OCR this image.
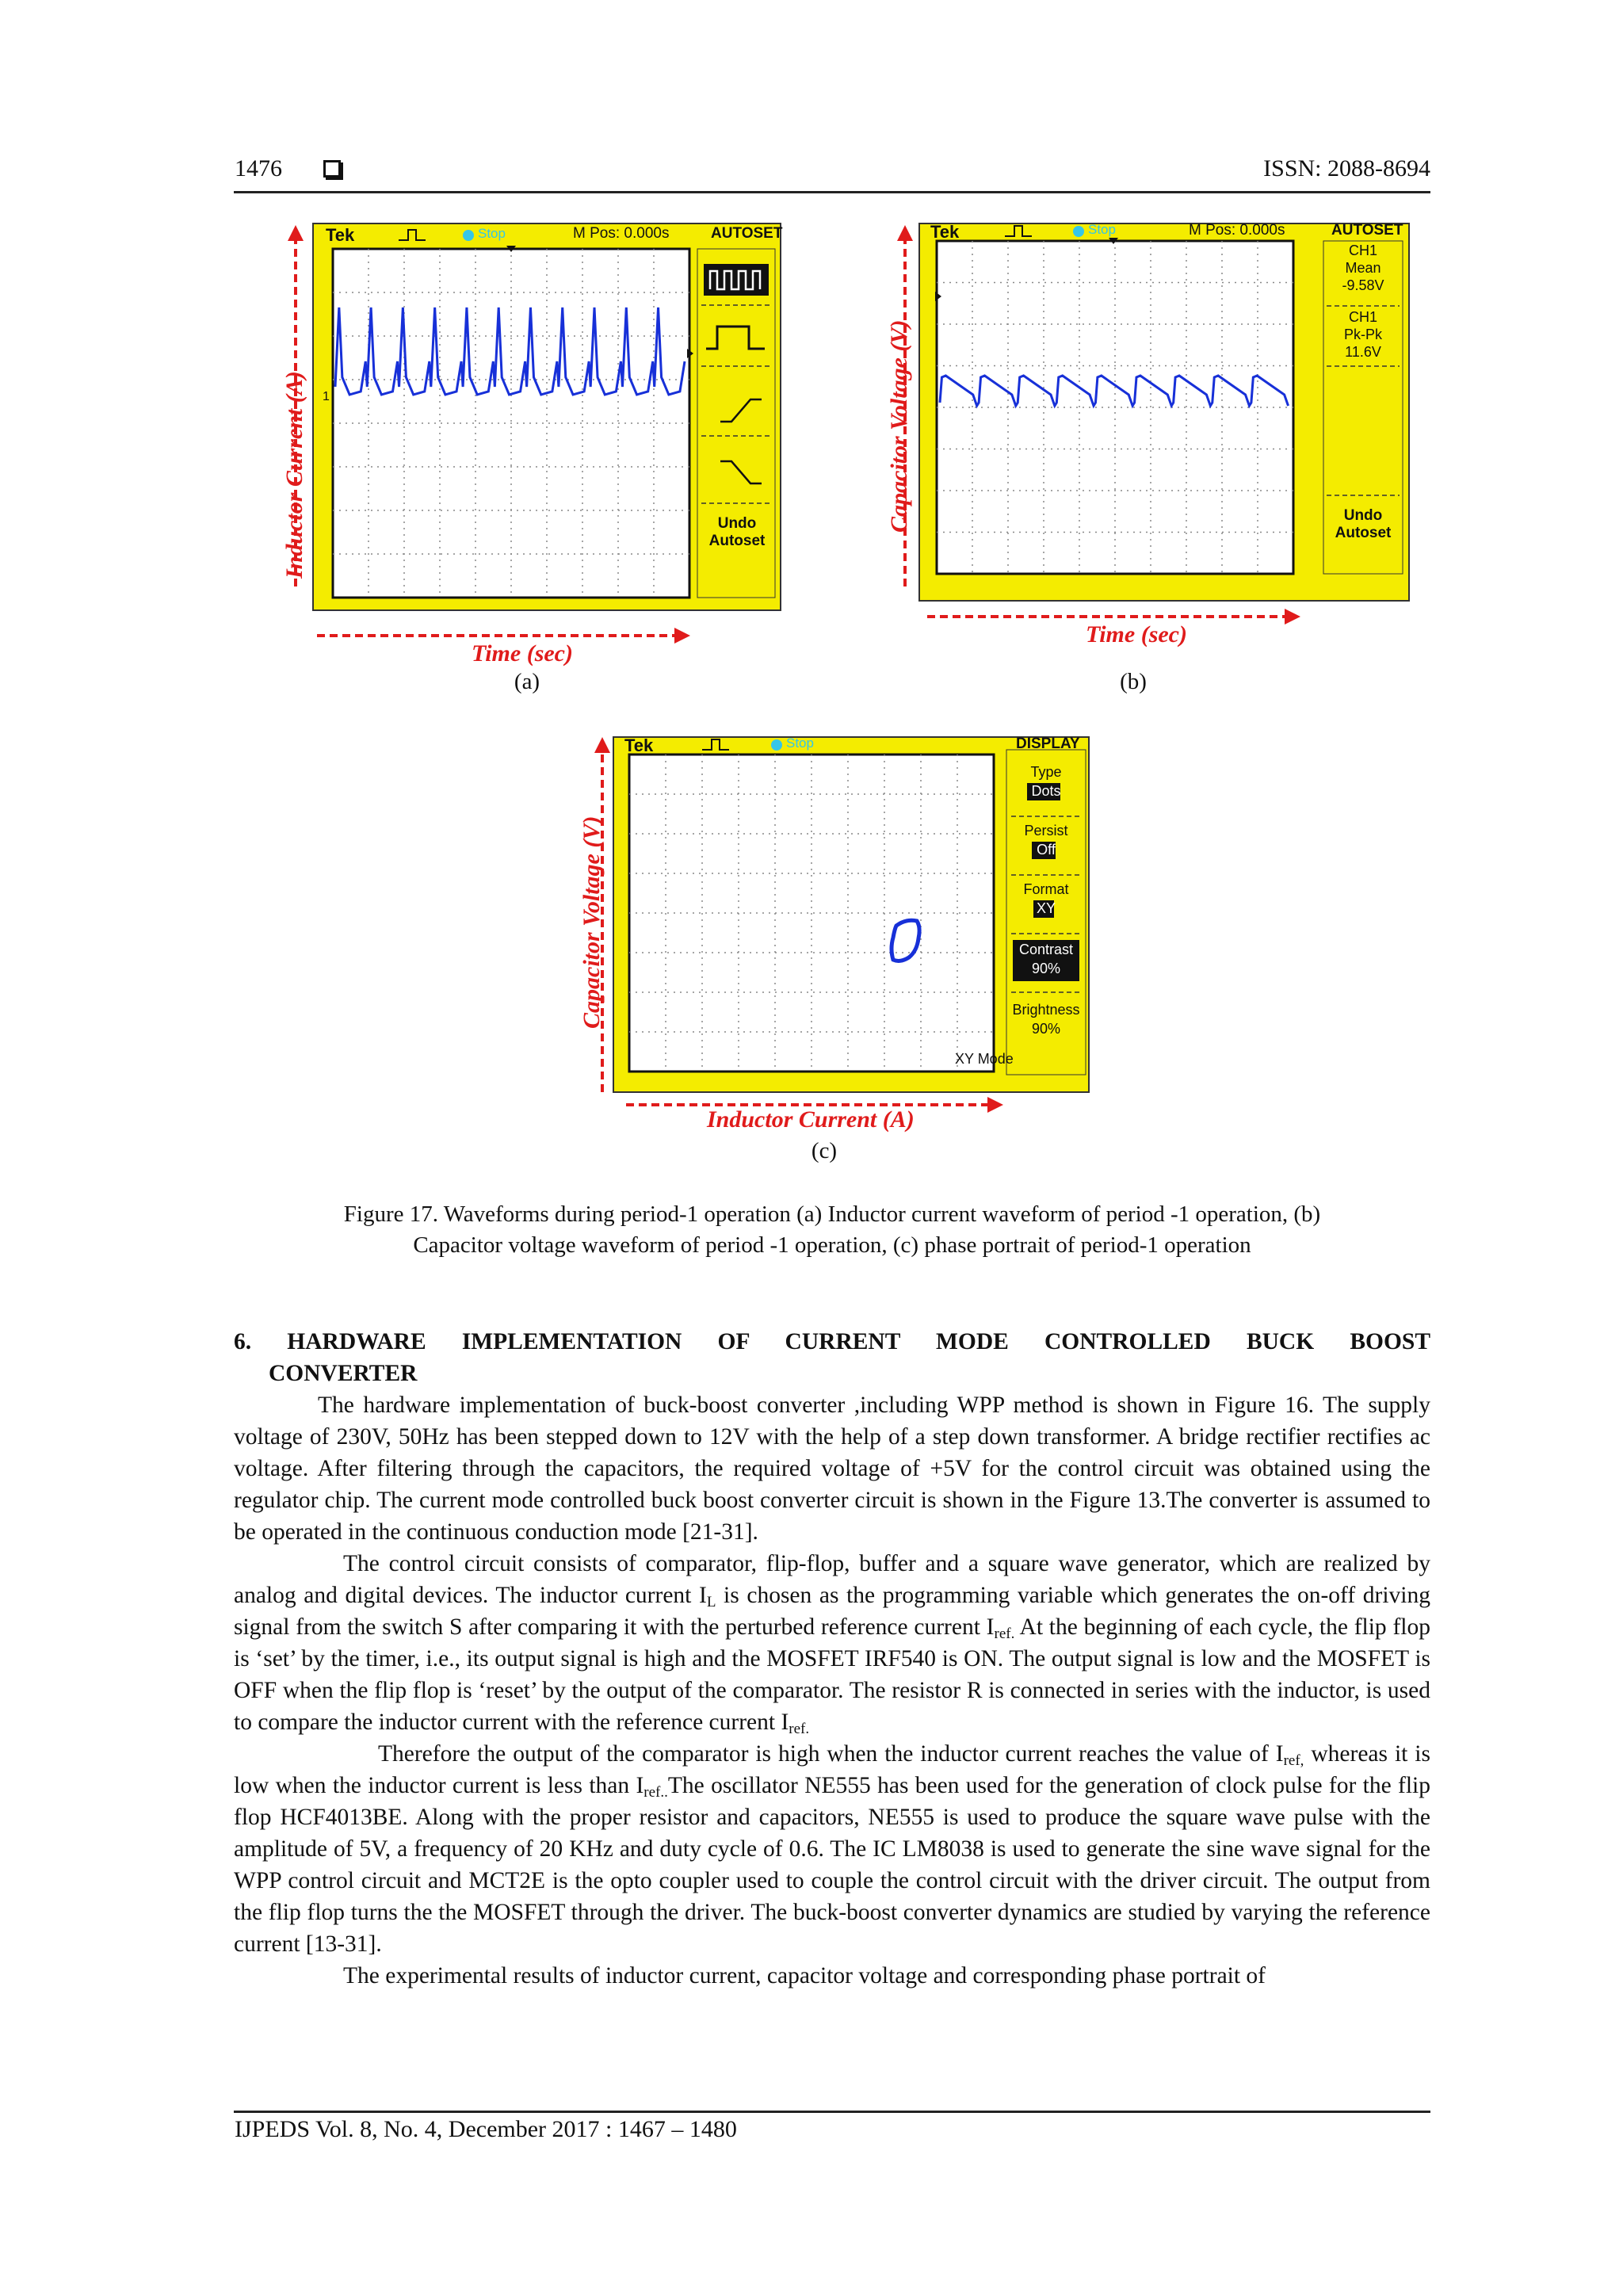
1476	ISSN: 2088-8694
Tek	Stop	M Pos: 0.000s	AUTOSET
1
Undo
Autoset
Inductor Current (A)
Time (sec)
(a)
Tek	Stop	M Pos: 0.000s	AUTOSET
CH1
Mean
-9.58V
CH1
Pk-Pk
11.6V
Undo
Autoset
Capacitor Voltage (V)
Time (sec)
(b)
Tek	Stop	DISPLAY
Type
Dots
Persist
Off
Format
XY
Contrast
90%
Brightness
90%
XY Mode
Capacitor Voltage (V)
Inductor Current (A)
(c)
Figure 17. Waveforms during period-1 operation (a) Inductor current waveform of period -1 operation, (b)
Capacitor voltage waveform of period -1 operation, (c) phase portrait of period-1 operation
6. HARDWARE IMPLEMENTATION OF CURRENT MODE CONTROLLED BUCK BOOST
CONVERTER

The hardware implementation of buck-boost converter ,including WPP method is shown in Figure 16. The supply voltage of 230V, 50Hz has been stepped down to 12V with the help of a step down transformer. A bridge rectifier rectifies ac voltage. After filtering through the capacitors, the required voltage of +5V for the control circuit was obtained using the regulator chip. The current mode controlled buck boost converter circuit is shown in the Figure 13.The converter is assumed to be operated in the continuous conduction mode [21-31].

The control circuit consists of comparator, flip-flop, buffer and a square wave generator, which are realized by analog and digital devices. The inductor current $I_L$ is chosen as the programming variable which generates the on-off driving signal from the switch S after comparing it with the perturbed reference current $I_{ref.}$ At the beginning of each cycle, the flip flop is ‘set’ by the timer, i.e., its output signal is high and the MOSFET IRF540 is ON. The output signal is low and the MOSFET is OFF when the flip flop is ‘reset’ by the output of the comparator. The resistor R is connected in series with the inductor, is used to compare the inductor current with the reference current $I_{ref.}$

Therefore the output of the comparator is high when the inductor current reaches the value of $I_{ref,}$ whereas it is low when the inductor current is less than $I_{ref..}The$ oscillator NE555 has been used for the generation of clock pulse for the flip flop HCF4013BE. Along with the proper resistor and capacitors, NE555 is used to produce the square wave pulse with the amplitude of 5V, a frequency of 20 KHz and duty cycle of 0.6. The IC LM8038 is used to generate the sine wave signal for the WPP control circuit and MCT2E is the opto coupler used to couple the control circuit with the driver circuit. The output from the flip flop turns the the MOSFET through the driver. The buck-boost converter dynamics are studied by varying the reference current [13-31].

The experimental results of inductor current, capacitor voltage and corresponding phase portrait of

IJPEDS Vol. 8, No. 4, December 2017 : 1467 – 1480
